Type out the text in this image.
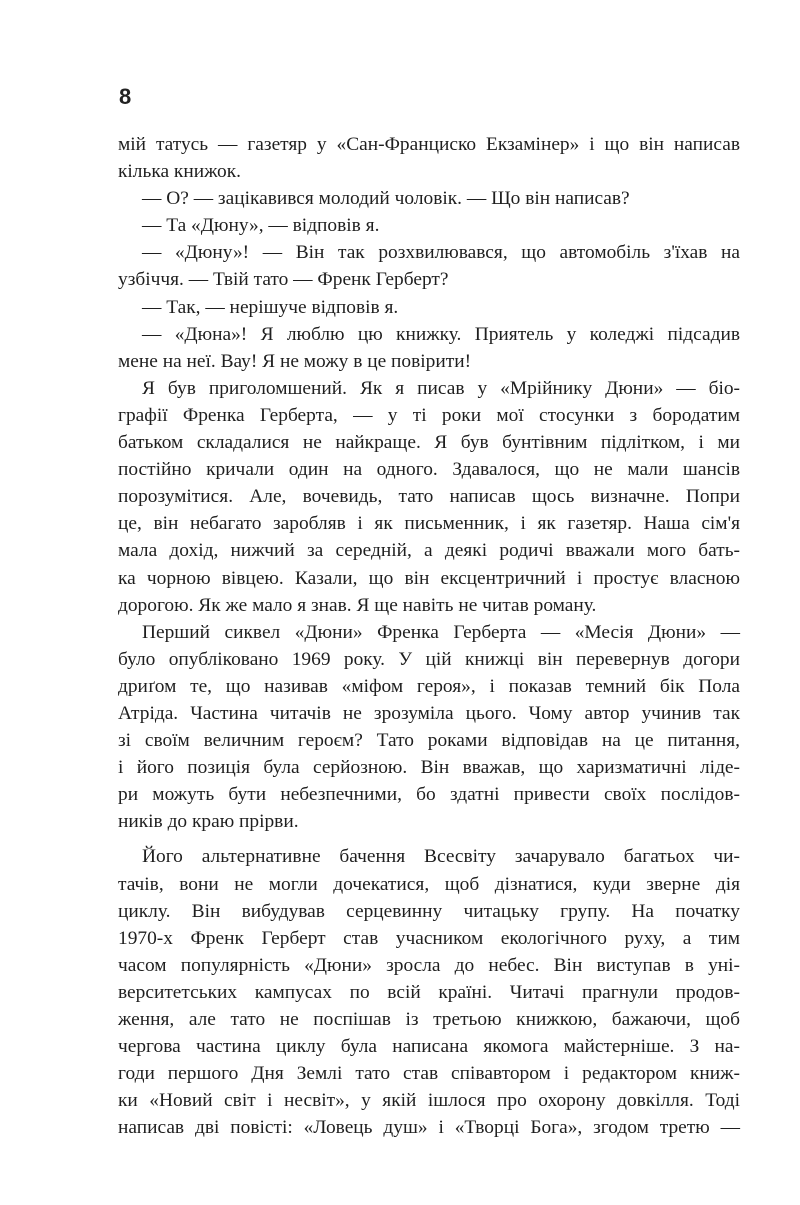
8
мій татусь — газетяр у «Сан-Франциско Екзамінер» і що він написав
кілька книжок.
— О? — зацікавився молодий чоловік. — Що він написав?
— Та «Дюну», — відповів я.
— «Дюну»! — Він так розхвилювався, що автомобіль з'їхав на
узбіччя. — Твій тато — Френк Герберт?
— Так, — нерішуче відповів я.
— «Дюна»! Я люблю цю книжку. Приятель у коледжі підсадив
мене на неї. Вау! Я не можу в це повірити!
Я був приголомшений. Як я писав у «Мрійнику Дюни» — біо-
графії Френка Герберта, — у ті роки мої стосунки з бородатим
батьком складалися не найкраще. Я був бунтівним підлітком, і ми
постійно кричали один на одного. Здавалося, що не мали шансів
порозумітися. Але, вочевидь, тато написав щось визначне. Попри
це, він небагато заробляв і як письменник, і як газетяр. Наша сім'я
мала дохід, нижчий за середній, а деякі родичі вважали мого бать-
ка чорною вівцею. Казали, що він ексцентричний і простує власною
дорогою. Як же мало я знав. Я ще навіть не читав роману.
Перший сиквел «Дюни» Френка Герберта — «Месія Дюни» —
було опубліковано 1969 року. У цій книжці він перевернув догори
дриґом те, що називав «міфом героя», і показав темний бік Пола
Атріда. Частина читачів не зрозуміла цього. Чому автор учинив так
зі своїм величним героєм? Тато роками відповідав на це питання,
і його позиція була серйозною. Він вважав, що харизматичні ліде-
ри можуть бути небезпечними, бо здатні привести своїх послідов-
ників до краю прірви.
Його альтернативне бачення Всесвіту зачарувало багатьох чи-
тачів, вони не могли дочекатися, щоб дізнатися, куди зверне дія
циклу. Він вибудував серцевинну читацьку групу. На початку
1970-х Френк Герберт став учасником екологічного руху, а тим
часом популярність «Дюни» зросла до небес. Він виступав в уні-
верситетських кампусах по всій країні. Читачі прагнули продов-
ження, але тато не поспішав із третьою книжкою, бажаючи, щоб
чергова частина циклу була написана якомога майстерніше. З на-
годи першого Дня Землі тато став співавтором і редактором книж-
ки «Новий світ і несвіт», у якій ішлося про охорону довкілля. Тоді
написав дві повісті: «Ловець душ» і «Творці Бога», згодом третю —
